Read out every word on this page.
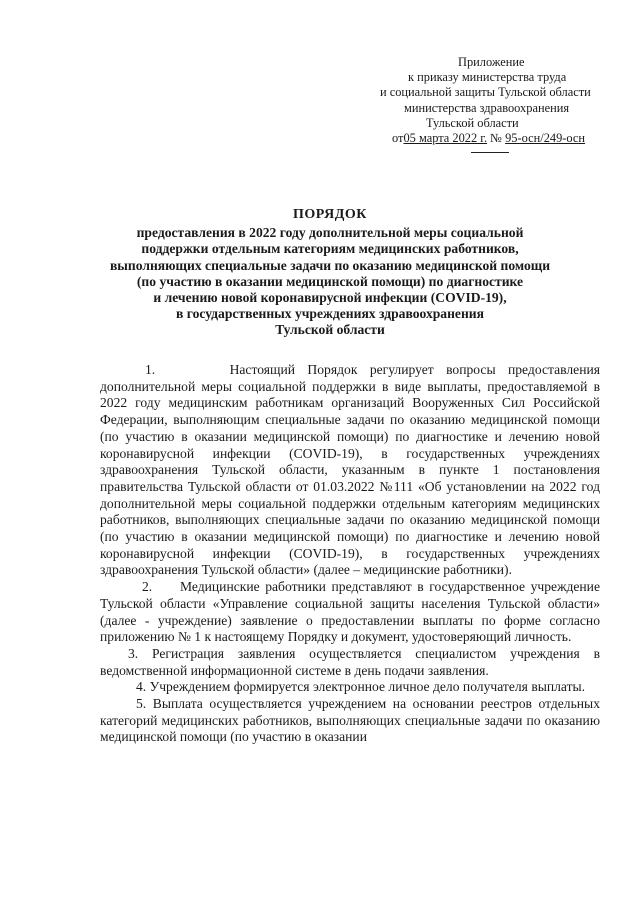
Приложение
к приказу министерства труда
и социальной защиты Тульской области
министерства здравоохранения
Тульской области
от05 марта 2022 г. № 95-осн/249-осн
ПОРЯДОК
предоставления в 2022 году дополнительной меры социальной
поддержки отдельным категориям медицинских работников,
выполняющих специальные задачи по оказанию медицинской помощи
(по участию в оказании медицинской помощи) по диагностике
и лечению новой коронавирусной инфекции (COVID-19),
в государственных учреждениях здравоохранения
Тульской области

1.      Настоящий Порядок регулирует вопросы предоставления дополнительной меры социальной поддержки в виде выплаты, предоставляемой в 2022 году медицинским работникам организаций Вооруженных Сил Российской Федерации, выполняющим специальные задачи по оказанию медицинской помощи (по участию в оказании медицинской помощи) по диагностике и лечению новой коронавирусной инфекции (COVID-19), в государственных учреждениях здравоохранения Тульской области, указанным в пункте 1 постановления правительства Тульской области от 01.03.2022 №111 «Об установлении на 2022 год дополнительной меры социальной поддержки отдельным категориям медицинских работников, выполняющих специальные задачи по оказанию медицинской помощи (по участию в оказании медицинской помощи) по диагностике и лечению новой коронавирусной инфекции (COVID-19), в государственных учреждениях здравоохранения Тульской области» (далее – медицинские работники).

2.     Медицинские работники представляют в государственное учреждение Тульской области «Управление социальной защиты населения Тульской области» (далее - учреждение) заявление о предоставлении выплаты по форме согласно приложению № 1 к настоящему Порядку и документ, удостоверяющий личность.

3. Регистрация заявления осуществляется специалистом учреждения в ведомственной информационной системе в день подачи заявления.

4. Учреждением формируется электронное личное дело получателя выплаты.

5. Выплата осуществляется учреждением на основании реестров отдельных категорий медицинских работников, выполняющих специальные задачи по оказанию медицинской помощи (по участию в оказании
